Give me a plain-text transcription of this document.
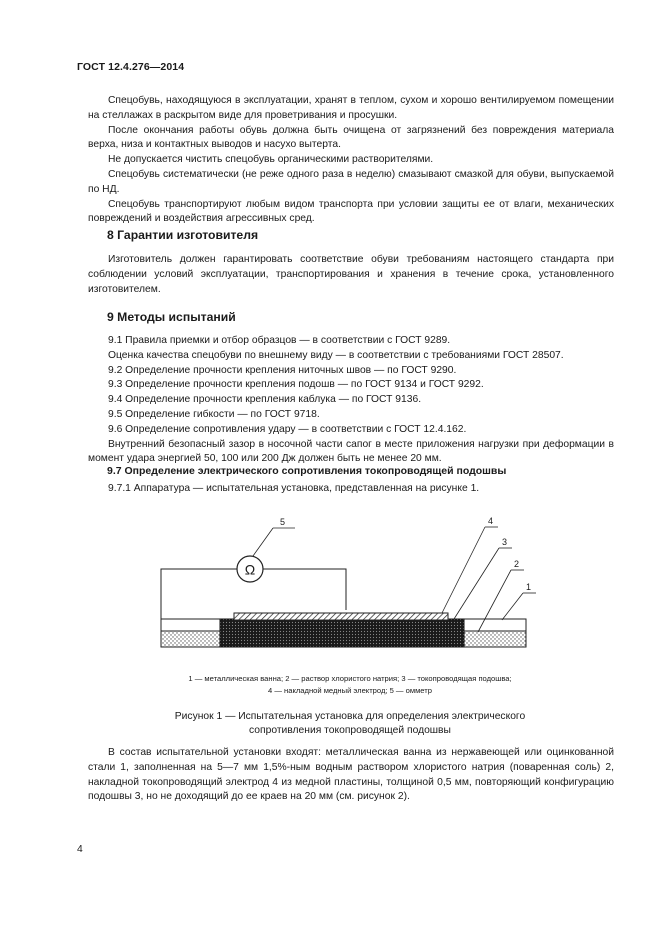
ГОСТ 12.4.276—2014

Спецобувь, находящуюся в эксплуатации, хранят в теплом, сухом и хорошо вентилируемом помещении на стеллажах в раскрытом виде для проветривания и просушки.

После окончания работы обувь должна быть очищена от загрязнений без повреждения материала верха, низа и контактных выводов и насухо вытерта.

Не допускается чистить спецобувь органическими растворителями.

Спецобувь систематически (не реже одного раза в неделю) смазывают смазкой для обуви, выпускаемой по НД.

Спецобувь транспортируют любым видом транспорта при условии защиты ее от влаги, механических повреждений и воздействия агрессивных сред.

8 Гарантии изготовителя

Изготовитель должен гарантировать соответствие обуви требованиям настоящего стандарта при соблюдении условий эксплуатации, транспортирования и хранения в течение срока, установленного изготовителем.

9 Методы испытаний

9.1 Правила приемки и отбор образцов — в соответствии с ГОСТ 9289.

Оценка качества спецобуви по внешнему виду — в соответствии с требованиями ГОСТ 28507.

9.2 Определение прочности крепления ниточных швов — по ГОСТ 9290.

9.3 Определение прочности крепления подошв — по ГОСТ 9134 и ГОСТ 9292.

9.4 Определение прочности крепления каблука — по ГОСТ 9136.

9.5 Определение гибкости — по ГОСТ 9718.

9.6 Определение сопротивления удару — в соответствии с ГОСТ 12.4.162.

Внутренний безопасный зазор в носочной части сапог в месте приложения нагрузки при деформации в момент удара энергией 50, 100 или 200 Дж должен быть не менее 20 мм.

9.7 Определение электрического сопротивления токопроводящей подошвы

9.7.1 Аппаратура — испытательная установка, представленная на рисунке 1.

Ω
5	4
3
2
1
1 — металлическая ванна; 2 — раствор хлористого натрия; 3 — токопроводящая подошва;
4 — накладной медный электрод; 5 — омметр
Рисунок 1 — Испытательная установка для определения электрического
сопротивления токопроводящей подошвы

В состав испытательной установки входят: металлическая ванна из нержавеющей или оцинкованной стали 1, заполненная на 5—7 мм 1,5%-ным водным раствором хлористого натрия (поваренная соль) 2, накладной токопроводящий электрод 4 из медной пластины, толщиной 0,5 мм, повторяющий конфигурацию подошвы 3, но не доходящий до ее краев на 20 мм (см. рисунок 2).

4
